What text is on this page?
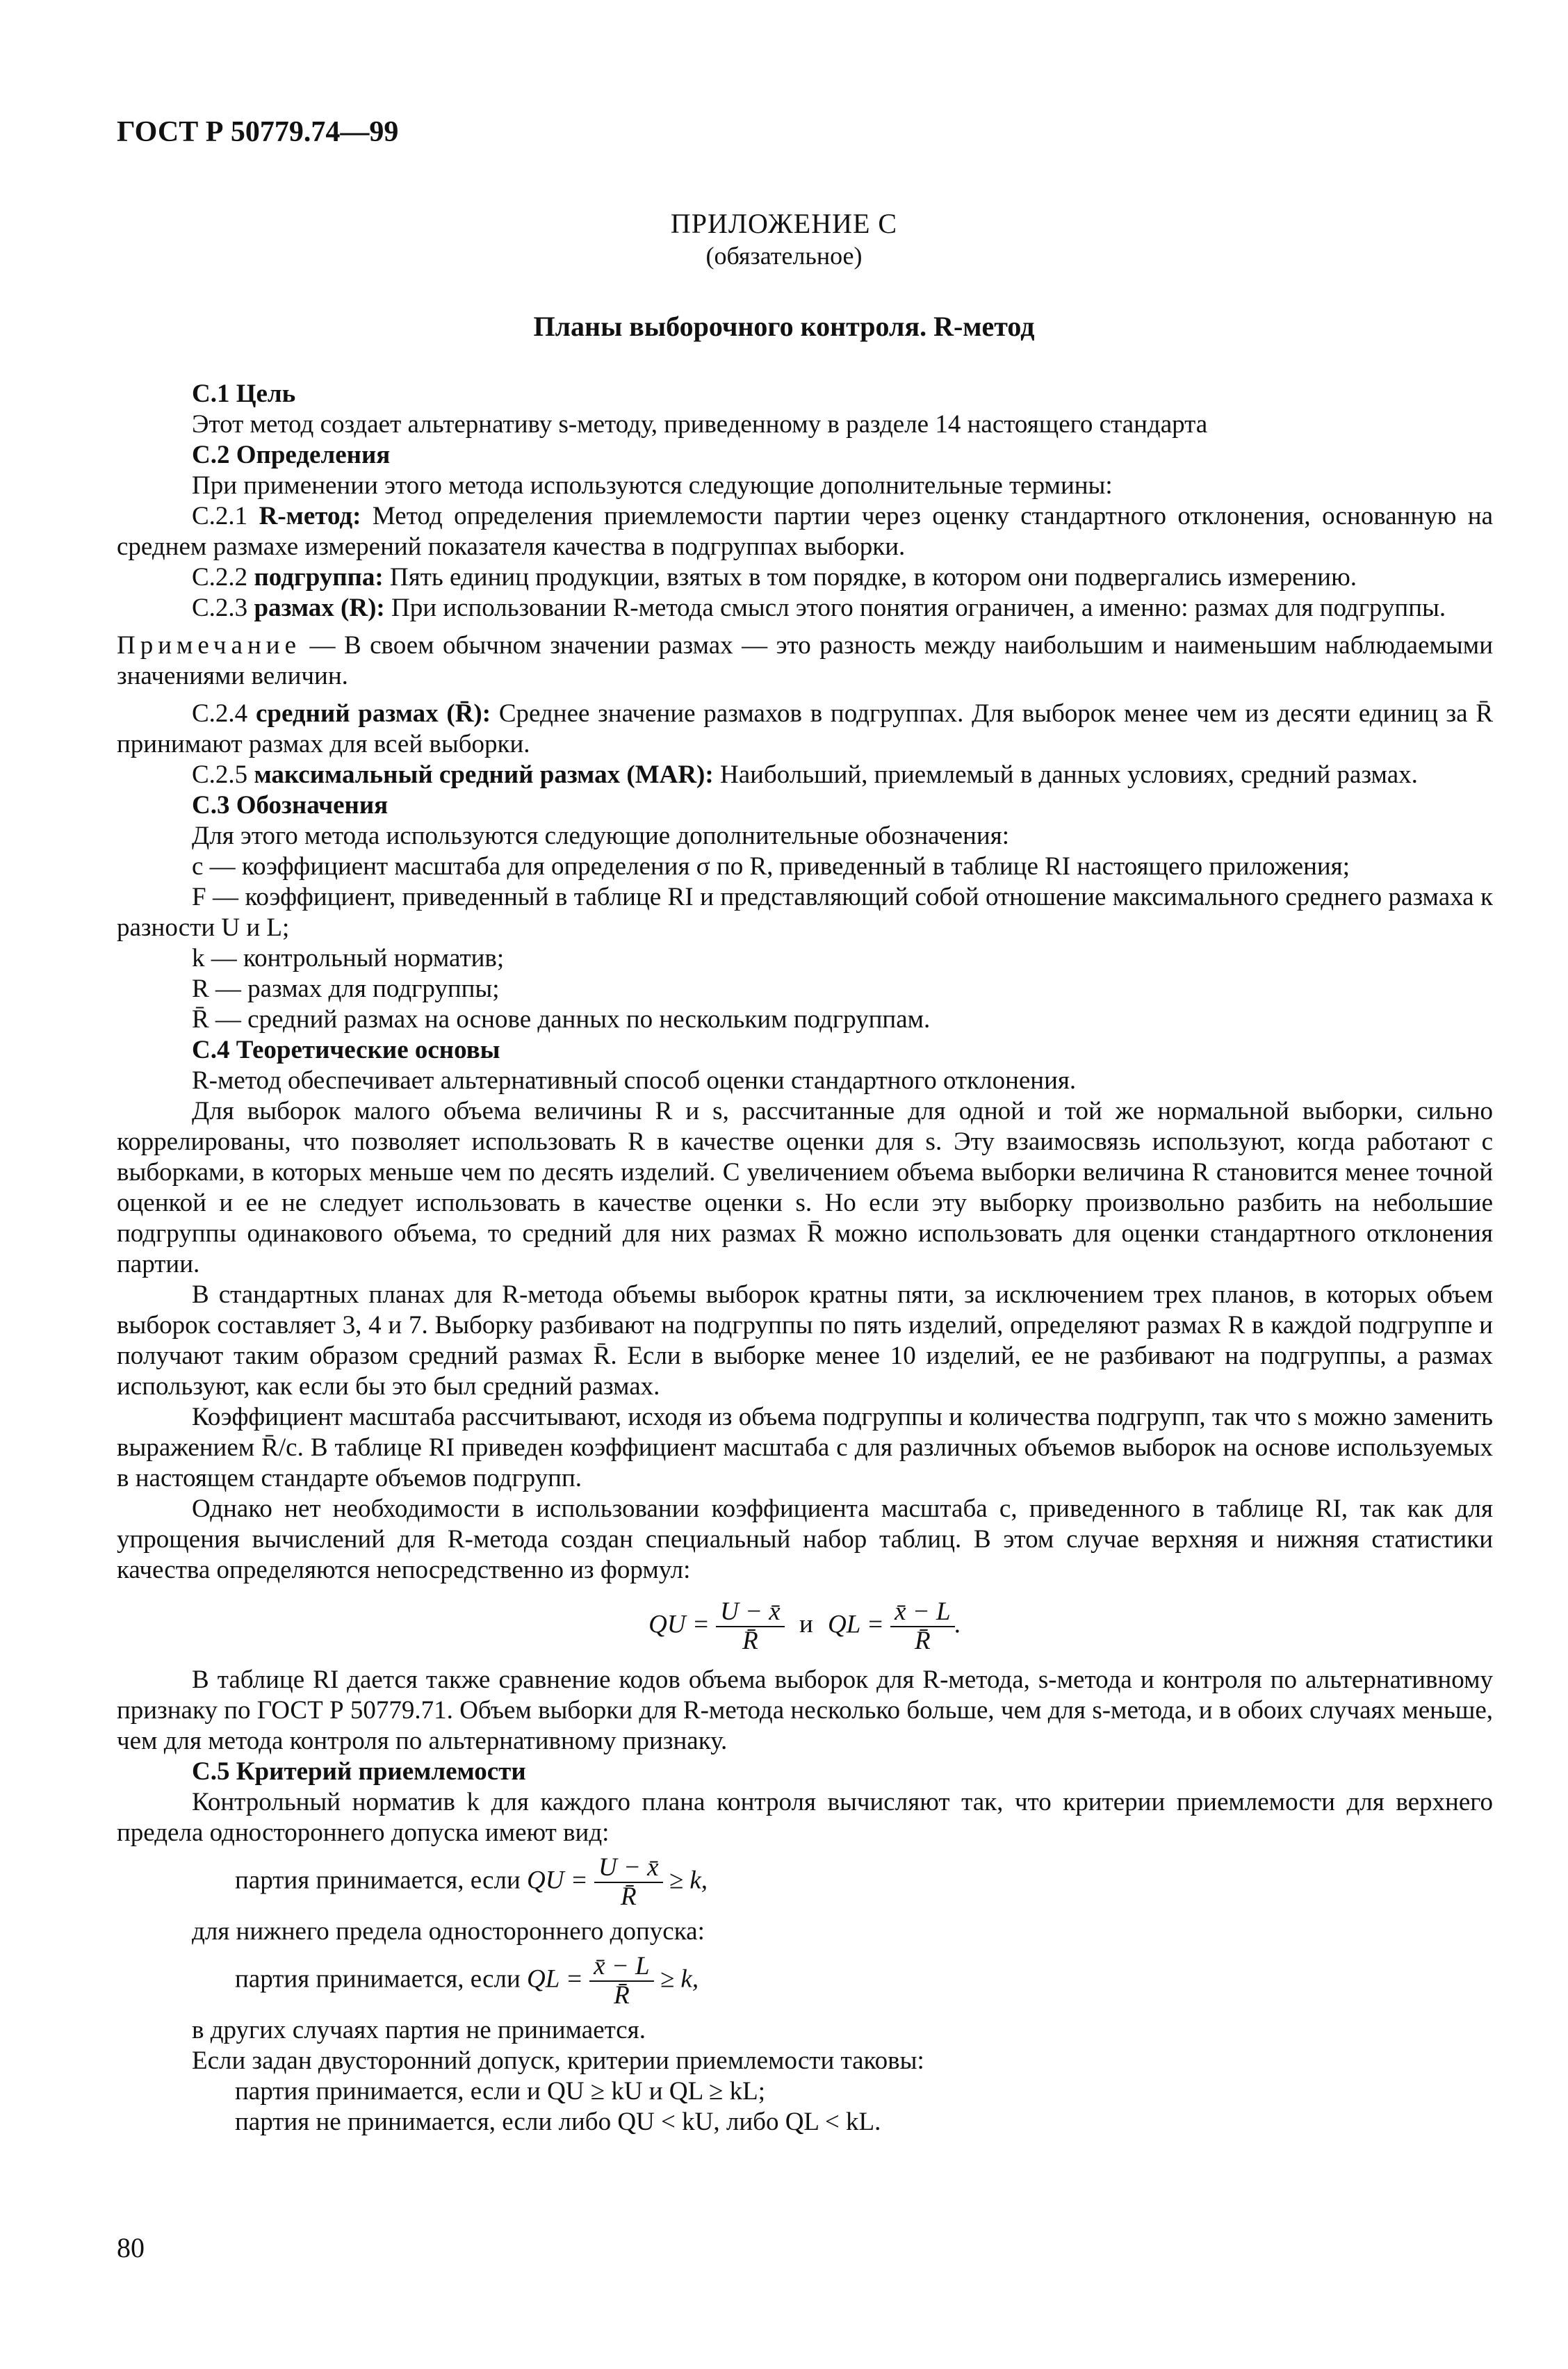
ГОСТ Р 50779.74—99
ПРИЛОЖЕНИЕ С
(обязательное)
Планы выборочного контроля. R-метод

С.1 Цель

Этот метод создает альтернативу s-методу, приведенному в разделе 14 настоящего стандарта

С.2 Определения

При применении этого метода используются следующие дополнительные термины:

С.2.1 R-метод: Метод определения приемлемости партии через оценку стандартного отклонения, основанную на среднем размахе измерений показателя качества в подгруппах выборки.

С.2.2 подгруппа: Пять единиц продукции, взятых в том порядке, в котором они подвергались измерению.

С.2.3 размах (R): При использовании R-метода смысл этого понятия ограничен, а именно: размах для подгруппы.

Примечание — В своем обычном значении размах — это разность между наибольшим и наименьшим наблюдаемыми значениями величин.

С.2.4 средний размах (R̄): Среднее значение размахов в подгруппах. Для выборок менее чем из десяти единиц за R̄ принимают размах для всей выборки.

С.2.5 максимальный средний размах (MAR): Наибольший, приемлемый в данных условиях, средний размах.

С.3 Обозначения

Для этого метода используются следующие дополнительные обозначения:

c — коэффициент масштаба для определения σ по R, приведенный в таблице RI настоящего приложения;

F — коэффициент, приведенный в таблице RI и представляющий собой отношение максимального среднего размаха к разности U и L;

k — контрольный норматив;

R — размах для подгруппы;

R̄ — средний размах на основе данных по нескольким подгруппам.

С.4 Теоретические основы

R-метод обеспечивает альтернативный способ оценки стандартного отклонения.

Для выборок малого объема величины R и s, рассчитанные для одной и той же нормальной выборки, сильно коррелированы, что позволяет использовать R в качестве оценки для s. Эту взаимосвязь используют, когда работают с выборками, в которых меньше чем по десять изделий. С увеличением объема выборки величина R становится менее точной оценкой и ее не следует использовать в качестве оценки s. Но если эту выборку произвольно разбить на небольшие подгруппы одинакового объема, то средний для них размах R̄ можно использовать для оценки стандартного отклонения партии.

В стандартных планах для R-метода объемы выборок кратны пяти, за исключением трех планов, в которых объем выборок составляет 3, 4 и 7. Выборку разбивают на подгруппы по пять изделий, определяют размах R в каждой подгруппе и получают таким образом средний размах R̄. Если в выборке менее 10 изделий, ее не разбивают на подгруппы, а размах используют, как если бы это был средний размах.

Коэффициент масштаба рассчитывают, исходя из объема подгруппы и количества подгрупп, так что s можно заменить выражением R̄/c. В таблице RI приведен коэффициент масштаба c для различных объемов выборок на основе используемых в настоящем стандарте объемов подгрупп.

Однако нет необходимости в использовании коэффициента масштаба c, приведенного в таблице RI, так как для упрощения вычислений для R-метода создан специальный набор таблиц. В этом случае верхняя и нижняя статистики качества определяются непосредственно из формул:

QU = $\frac{U - x̄}{R̄}$ и QL = $\frac{x̄ - L}{R̄}$ .

В таблице RI дается также сравнение кодов объема выборок для R-метода, s-метода и контроля по альтернативному признаку по ГОСТ Р 50779.71. Объем выборки для R-метода несколько больше, чем для s-метода, и в обоих случаях меньше, чем для метода контроля по альтернативному признаку.

С.5 Критерий приемлемости

Контрольный норматив k для каждого плана контроля вычисляют так, что критерии приемлемости для верхнего предела одностороннего допуска имеют вид:

партия принимается, если QU = $\frac{U - x̄}{R̄} \ge k$,

для нижнего предела одностороннего допуска:

партия принимается, если QL = $\frac{x̄ - L}{R̄} \ge k$,

в других случаях партия не принимается.

Если задан двусторонний допуск, критерии приемлемости таковы:

партия принимается, если и QU ≥ kU и QL ≥ kL;

партия не принимается, если либо QU < kU, либо QL < kL.

80
